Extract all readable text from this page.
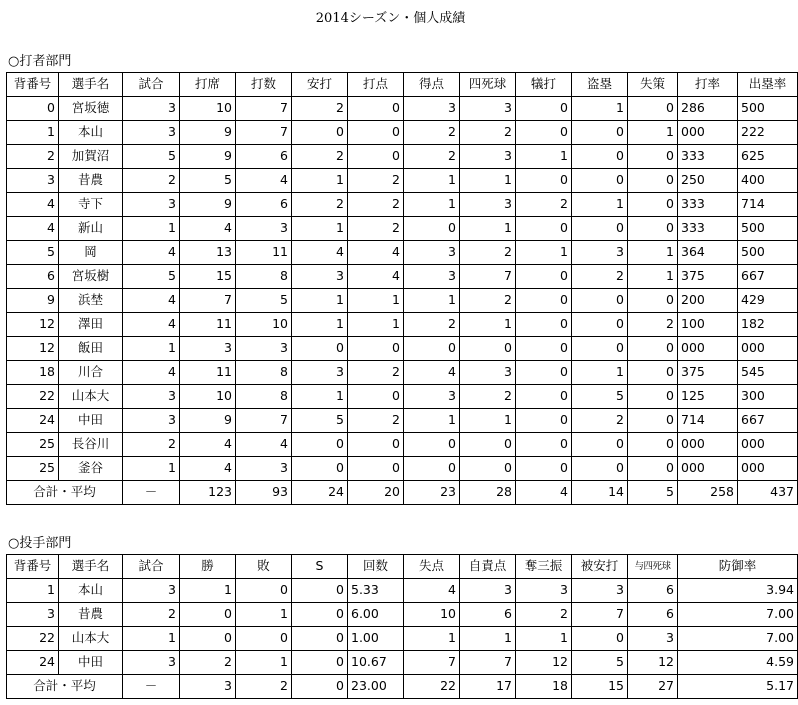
2014シーズン・個人成績
○打者部門
背番号	選手名	試合	打席	打数	安打	打点	得点	四死球	犠打	盗塁	失策	打率	出塁率
0	宮坂徳	3	10	7	2	0	3	3	0	1	0	286	500
1	本山	3	9	7	0	0	2	2	0	0	1	000	222
2	加賀沼	5	9	6	2	0	2	3	1	0	0	333	625
3	昔農	2	5	4	1	2	1	1	0	0	0	250	400
4	寺下	3	9	6	2	2	1	3	2	1	0	333	714
4	新山	1	4	3	1	2	0	1	0	0	0	333	500
5	岡	4	13	11	4	4	3	2	1	3	1	364	500
6	宮坂樹	5	15	8	3	4	3	7	0	2	1	375	667
9	浜埜	4	7	5	1	1	1	2	0	0	0	200	429
12	澤田	4	11	10	1	1	2	1	0	0	2	100	182
12	飯田	1	3	3	0	0	0	0	0	0	0	000	000
18	川合	4	11	8	3	2	4	3	0	1	0	375	545
22	山本大	3	10	8	1	0	3	2	0	5	0	125	300
24	中田	3	9	7	5	2	1	1	0	2	0	714	667
25	長谷川	2	4	4	0	0	0	0	0	0	0	000	000
25	釜谷	1	4	3	0	0	0	0	0	0	0	000	000
合計・平均		－	123	93	24	20	23	28	4	14	5	258	437
○投手部門
背番号	選手名	試合	勝	敗	S	回数	失点	自責点	奪三振	被安打	与四死球	防御率
1	本山	3	1	0	0	5.33	4	3	3	3	6	3.94
3	昔農	2	0	1	0	6.00	10	6	2	7	6	7.00
22	山本大	1	0	0	0	1.00	1	1	1	0	3	7.00
24	中田	3	2	1	0	10.67	7	7	12	5	12	4.59
合計・平均		－	3	2	0	23.00	22	17	18	15	27	5.17
